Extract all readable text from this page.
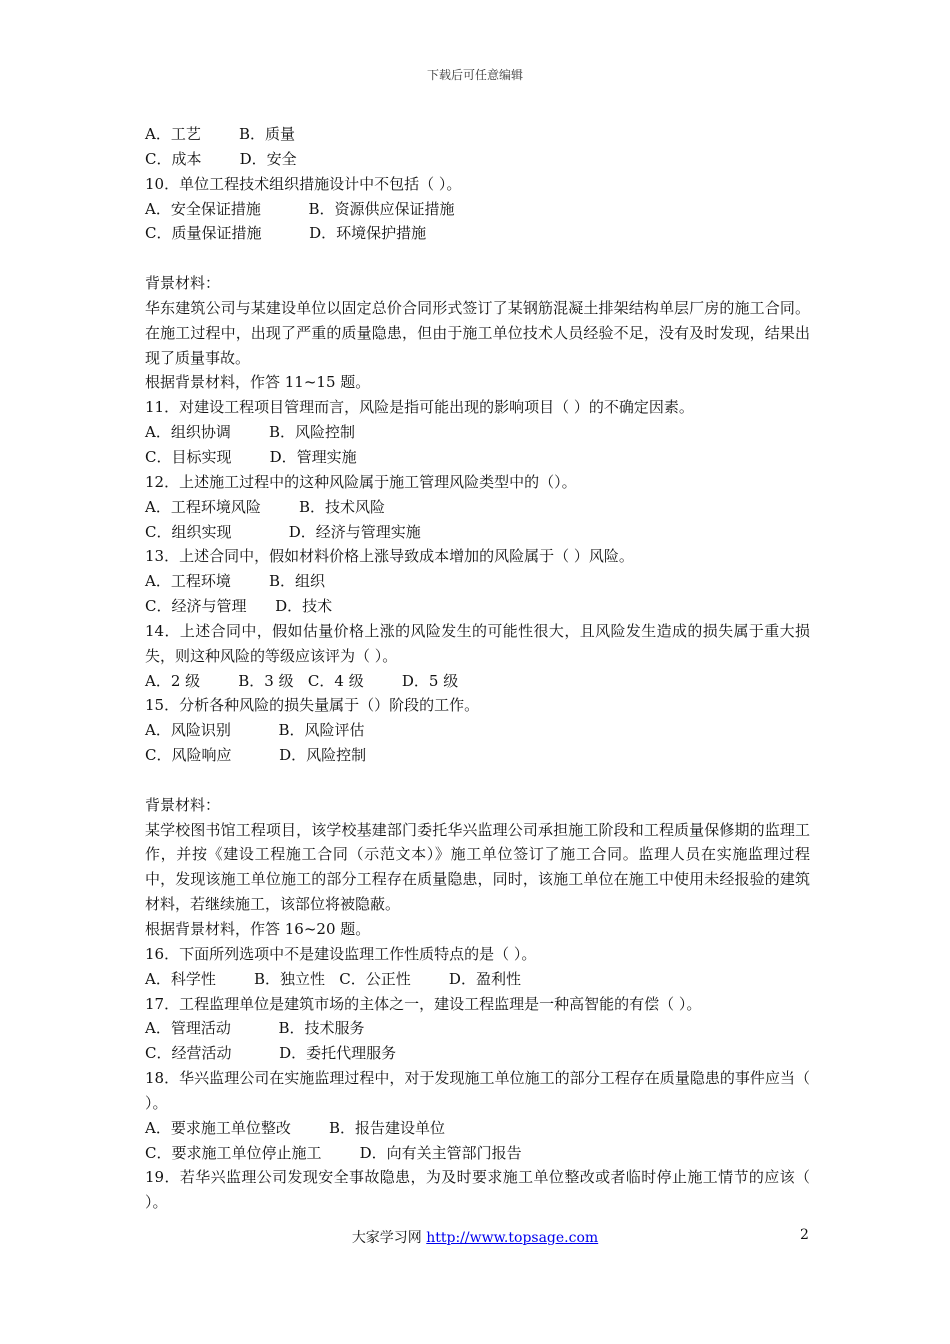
下载后可任意编辑
A．工艺        B．质量
C．成本        D．安全
10．单位工程技术组织措施设计中不包括（ ）。
A．安全保证措施          B．资源供应保证措施
C．质量保证措施          D．环境保护措施
背景材料：
华东建筑公司与某建设单位以固定总价合同形式签订了某钢筋混凝土排架结构单层厂房的施工合同。在施工过程中，出现了严重的质量隐患，但由于施工单位技术人员经验不足，没有及时发现，结果出现了质量事故。
根据背景材料，作答 11~15 题。
11．对建设工程项目管理而言，风险是指可能出现的影响项目（ ）的不确定因素。
A．组织协调        B．风险控制
C．目标实现        D．管理实施
12．上述施工过程中的这种风险属于施工管理风险类型中的（）。
A．工程环境风险        B．技术风险
C．组织实现            D．经济与管理实施
13．上述合同中，假如材料价格上涨导致成本增加的风险属于（ ）风险。
A．工程环境        B．组织
C．经济与管理      D．技术
14．上述合同中，假如估量价格上涨的风险发生的可能性很大，且风险发生造成的损失属于重大损失，则这种风险的等级应该评为（ ）。
A．2 级        B．3 级   C．4 级        D．5 级
15．分析各种风险的损失量属于（）阶段的工作。
A．风险识别          B．风险评估
C．风险响应          D．风险控制
背景材料：
某学校图书馆工程项目，该学校基建部门委托华兴监理公司承担施工阶段和工程质量保修期的监理工作，并按《建设工程施工合同（示范文本）》施工单位签订了施工合同。监理人员在实施监理过程中，发现该施工单位施工的部分工程存在质量隐患，同时，该施工单位在施工中使用未经报验的建筑材料，若继续施工，该部位将被隐蔽。
根据背景材料，作答 16~20 题。
16．下面所列选项中不是建设监理工作性质特点的是（ ）。
A．科学性        B．独立性   C．公正性        D．盈利性
17．工程监理单位是建筑市场的主体之一，建设工程监理是一种高智能的有偿（ ）。
A．管理活动          B．技术服务
C．经营活动          D．委托代理服务
18．华兴监理公司在实施监理过程中，对于发现施工单位施工的部分工程存在质量隐患的事件应当（ ）。
A．要求施工单位整改        B．报告建设单位
C．要求施工单位停止施工        D．向有关主管部门报告
19．若华兴监理公司发现安全事故隐患，为及时要求施工单位整改或者临时停止施工情节的应该（ ）。
大家学习网 http://www.topsage.com	2
